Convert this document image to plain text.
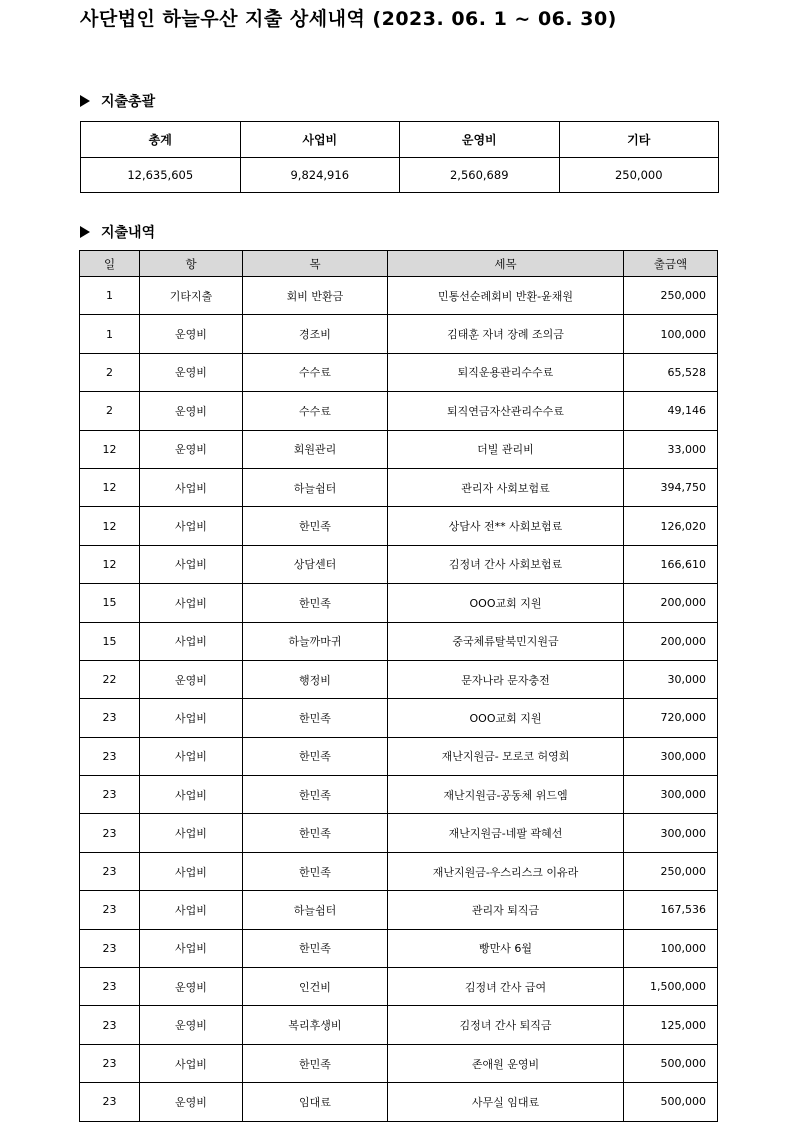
사단법인 하늘우산 지출 상세내역 (2023. 06. 1 ~ 06. 30)
지출총괄
총계	사업비	운영비	기타
12,635,605	9,824,916	2,560,689	250,000
지출내역
일	항	목	세목	출금액
1	기타지출	회비 반환금	민통선순례회비 반환-윤채원	250,000
1	운영비	경조비	김태훈 자녀 장례 조의금	100,000
2	운영비	수수료	퇴직운용관리수수료	65,528
2	운영비	수수료	퇴직연금자산관리수수료	49,146
12	운영비	회원관리	더빌 관리비	33,000
12	사업비	하늘쉼터	관리자 사회보험료	394,750
12	사업비	한민족	상담사 전** 사회보험료	126,020
12	사업비	상담센터	김정녀 간사 사회보험료	166,610
15	사업비	한민족	OOO교회 지원	200,000
15	사업비	하늘까마귀	중국체류탈북민지원금	200,000
22	운영비	행정비	문자나라 문자충전	30,000
23	사업비	한민족	OOO교회 지원	720,000
23	사업비	한민족	재난지원금- 모로코 허영희	300,000
23	사업비	한민족	재난지원금-공동체 위드엠	300,000
23	사업비	한민족	재난지원금-네팔 곽혜선	300,000
23	사업비	한민족	재난지원금-우스리스크 이유라	250,000
23	사업비	하늘쉼터	관리자 퇴직금	167,536
23	사업비	한민족	빵만사 6월	100,000
23	운영비	인건비	김정녀 간사 급여	1,500,000
23	운영비	복리후생비	김정녀 간사 퇴직금	125,000
23	사업비	한민족	존애원 운영비	500,000
23	운영비	임대료	사무실 임대료	500,000
